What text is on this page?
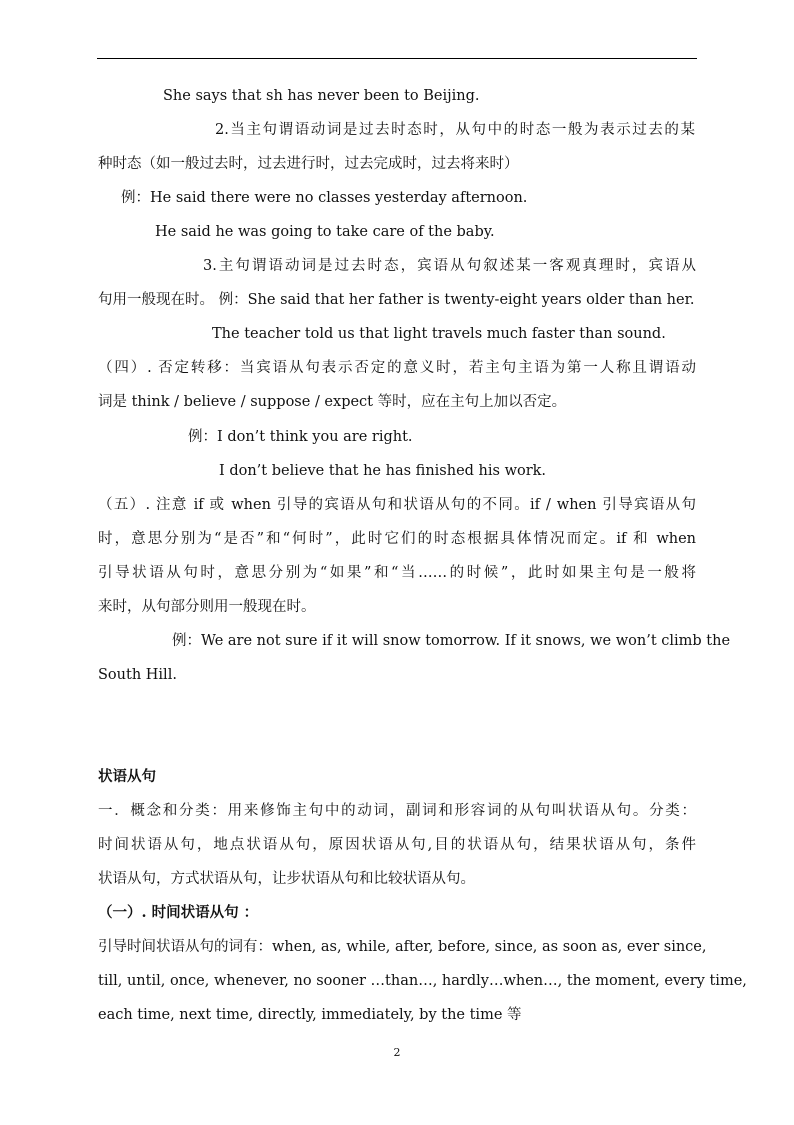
She says that sh has never been to Beijing.
2.当主句谓语动词是过去时态时，从句中的时态一般为表示过去的某
种时态（如一般过去时，过去进行时，过去完成时，过去将来时）
例：He said there were no classes yesterday afternoon.
He said he was going to take care of the baby.
3.主句谓语动词是过去时态，宾语从句叙述某一客观真理时，宾语从
句用一般现在时。 例：She said that her father is twenty-eight years older than her.
The teacher told us that light travels much faster than sound.
（四）. 否定转移：当宾语从句表示否定的意义时，若主句主语为第一人称且谓语动
词是 think / believe / suppose / expect 等时，应在主句上加以否定。
例：I don’t think you are right.
I don’t believe that he has finished his work.
（五）. 注意 if 或 when 引导的宾语从句和状语从句的不同。if / when 引导宾语从句
时，意思分别为“是否”和“何时”，此时它们的时态根据具体情况而定。if 和 when
引导状语从句时，意思分别为“如果”和“当……的时候”，此时如果主句是一般将
来时，从句部分则用一般现在时。
例：We are not sure if it will snow tomorrow. If it snows, we won’t climb the
South Hill.
状语从句
一．概念和分类：用来修饰主句中的动词，副词和形容词的从句叫状语从句。分类：
时间状语从句，地点状语从句，原因状语从句,目的状语从句，结果状语从句，条件
状语从句，方式状语从句，让步状语从句和比较状语从句。
（一）. 时间状语从句 ：
引导时间状语从句的词有：when, as, while, after, before, since, as soon as, ever since,
till, until, once, whenever, no sooner …than…, hardly…when…, the moment, every time,
each time, next time, directly, immediately, by the time 等
2
